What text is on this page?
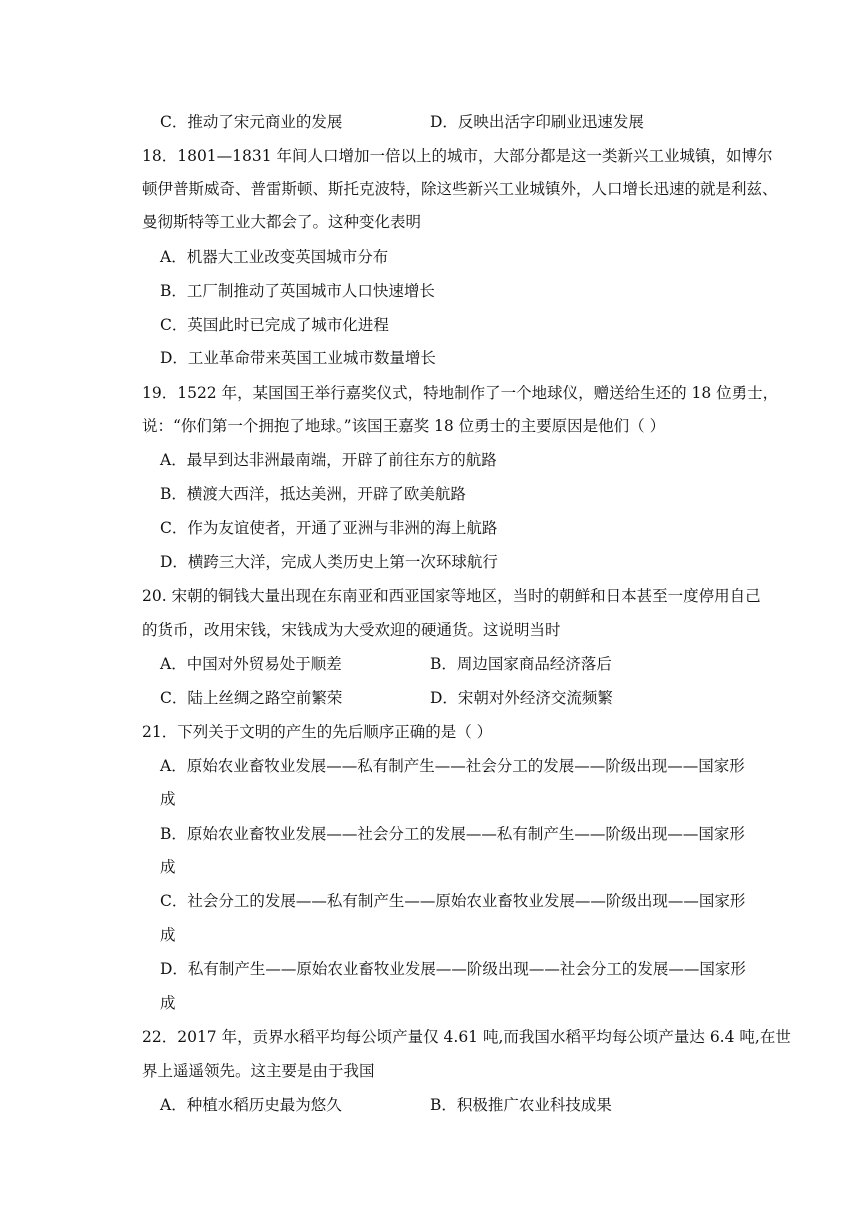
C．推动了宋元商业的发展	D．反映出活字印刷业迅速发展
18．1801—1831 年间人口增加一倍以上的城市，大部分都是这一类新兴工业城镇，如博尔
顿伊普斯威奇、普雷斯顿、斯托克波特，除这些新兴工业城镇外，人口增长迅速的就是利兹、
曼彻斯特等工业大都会了。这种变化表明
A．机器大工业改变英国城市分布
B．工厂制推动了英国城市人口快速增长
C．英国此时已完成了城市化进程
D．工业革命带来英国工业城市数量增长
19．1522 年，某国国王举行嘉奖仪式，特地制作了一个地球仪，赠送给生还的 18 位勇士，
说：“你们第一个拥抱了地球。”该国王嘉奖 18 位勇士的主要原因是他们（ ）
A．最早到达非洲最南端，开辟了前往东方的航路
B．横渡大西洋，抵达美洲，开辟了欧美航路
C．作为友谊使者，开通了亚洲与非洲的海上航路
D．横跨三大洋，完成人类历史上第一次环球航行
20. 宋朝的铜钱大量出现在东南亚和西亚国家等地区，当时的朝鲜和日本甚至一度停用自己
的货币，改用宋钱，宋钱成为大受欢迎的硬通货。这说明当时
A．中国对外贸易处于顺差	B．周边国家商品经济落后
C．陆上丝绸之路空前繁荣	D．宋朝对外经济交流频繁
21．下列关于文明的产生的先后顺序正确的是（ ）
A．原始农业畜牧业发展——私有制产生——社会分工的发展——阶级出现——国家形
成
B．原始农业畜牧业发展——社会分工的发展——私有制产生——阶级出现——国家形
成
C．社会分工的发展——私有制产生——原始农业畜牧业发展——阶级出现——国家形
成
D．私有制产生——原始农业畜牧业发展——阶级出现——社会分工的发展——国家形
成
22．2017 年，贡界水稻平均每公顷产量仅 4.61 吨,而我国水稻平均每公顷产量达 6.4 吨,在世
界上遥遥领先。这主要是由于我国
A．种植水稻历史最为悠久	B．积极推广农业科技成果
